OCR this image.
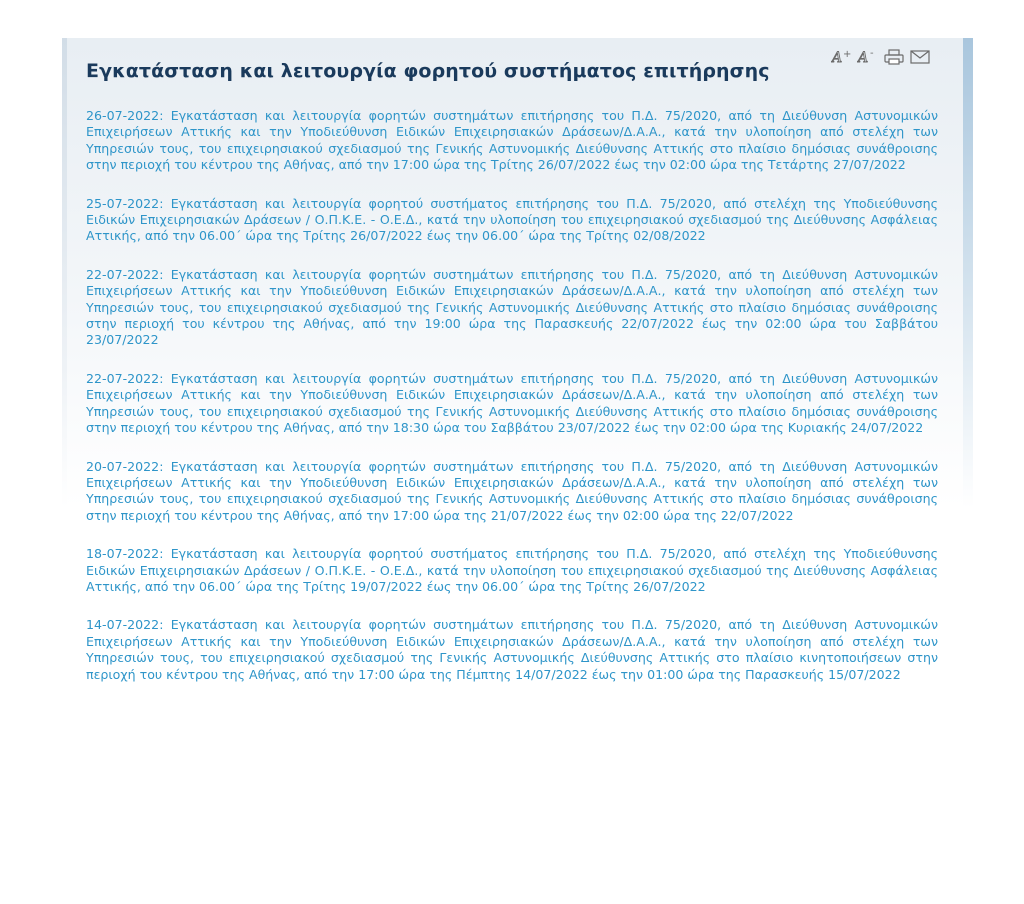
A + A -
Εγκατάσταση και λειτουργία φορητού συστήματος επιτήρησης

26-07-2022: Εγκατάσταση και λειτουργία φορητών συστημάτων επιτήρησης του Π.Δ. 75/2020, από τη Διεύθυνση Αστυνομικών Επιχειρήσεων Αττικής και την Υποδιεύθυνση Ειδικών Επιχειρησιακών Δράσεων/Δ.Α.Α., κατά την υλοποίηση από στελέχη των Υπηρεσιών τους, του επιχειρησιακού σχεδιασμού της Γενικής Αστυνομικής Διεύθυνσης Αττικής στο πλαίσιο δημόσιας συνάθροισης στην περιοχή του κέντρου της Αθήνας, από την 17:00 ώρα της Τρίτης 26/07/2022 έως την 02:00 ώρα της Τετάρτης 27/07/2022

25-07-2022: Εγκατάσταση και λειτουργία φορητού συστήματος επιτήρησης του Π.Δ. 75/2020, από στελέχη της Υποδιεύθυνσης Ειδικών Επιχειρησιακών Δράσεων / Ο.Π.Κ.Ε. - Ο.Ε.Δ., κατά την υλοποίηση του επιχειρησιακού σχεδιασμού της Διεύθυνσης Ασφάλειας Αττικής, από την 06.00΄ ώρα της Τρίτης 26/07/2022 έως την 06.00΄ ώρα της Τρίτης 02/08/2022

22-07-2022: Εγκατάσταση και λειτουργία φορητών συστημάτων επιτήρησης του Π.Δ. 75/2020, από τη Διεύθυνση Αστυνομικών Επιχειρήσεων Αττικής και την Υποδιεύθυνση Ειδικών Επιχειρησιακών Δράσεων/Δ.Α.Α., κατά την υλοποίηση από στελέχη των Υπηρεσιών τους, του επιχειρησιακού σχεδιασμού της Γενικής Αστυνομικής Διεύθυνσης Αττικής στο πλαίσιο δημόσιας συνάθροισης στην περιοχή του κέντρου της Αθήνας, από την 19:00 ώρα της Παρασκευής 22/07/2022 έως την 02:00 ώρα του Σαββάτου 23/07/2022

22-07-2022: Εγκατάσταση και λειτουργία φορητών συστημάτων επιτήρησης του Π.Δ. 75/2020, από τη Διεύθυνση Αστυνομικών Επιχειρήσεων Αττικής και την Υποδιεύθυνση Ειδικών Επιχειρησιακών Δράσεων/Δ.Α.Α., κατά την υλοποίηση από στελέχη των Υπηρεσιών τους, του επιχειρησιακού σχεδιασμού της Γενικής Αστυνομικής Διεύθυνσης Αττικής στο πλαίσιο δημόσιας συνάθροισης στην περιοχή του κέντρου της Αθήνας, από την 18:30 ώρα του Σαββάτου 23/07/2022 έως την 02:00 ώρα της Κυριακής 24/07/2022

20-07-2022: Εγκατάσταση και λειτουργία φορητών συστημάτων επιτήρησης του Π.Δ. 75/2020, από τη Διεύθυνση Αστυνομικών Επιχειρήσεων Αττικής και την Υποδιεύθυνση Ειδικών Επιχειρησιακών Δράσεων/Δ.Α.Α., κατά την υλοποίηση από στελέχη των Υπηρεσιών τους, του επιχειρησιακού σχεδιασμού της Γενικής Αστυνομικής Διεύθυνσης Αττικής στο πλαίσιο δημόσιας συνάθροισης στην περιοχή του κέντρου της Αθήνας, από την 17:00 ώρα της 21/07/2022 έως την 02:00 ώρα της 22/07/2022

18-07-2022: Εγκατάσταση και λειτουργία φορητού συστήματος επιτήρησης του Π.Δ. 75/2020, από στελέχη της Υποδιεύθυνσης Ειδικών Επιχειρησιακών Δράσεων / Ο.Π.Κ.Ε. - Ο.Ε.Δ., κατά την υλοποίηση του επιχειρησιακού σχεδιασμού της Διεύθυνσης Ασφάλειας Αττικής, από την 06.00΄ ώρα της Τρίτης 19/07/2022 έως την 06.00΄ ώρα της Τρίτης 26/07/2022

14-07-2022: Εγκατάσταση και λειτουργία φορητών συστημάτων επιτήρησης του Π.Δ. 75/2020, από τη Διεύθυνση Αστυνομικών Επιχειρήσεων Αττικής και την Υποδιεύθυνση Ειδικών Επιχειρησιακών Δράσεων/Δ.Α.Α., κατά την υλοποίηση από στελέχη των Υπηρεσιών τους, του επιχειρησιακού σχεδιασμού της Γενικής Αστυνομικής Διεύθυνσης Αττικής στο πλαίσιο κινητοποιήσεων στην περιοχή του κέντρου της Αθήνας, από την 17:00 ώρα της Πέμπτης 14/07/2022 έως την 01:00 ώρα της Παρασκευής 15/07/2022
